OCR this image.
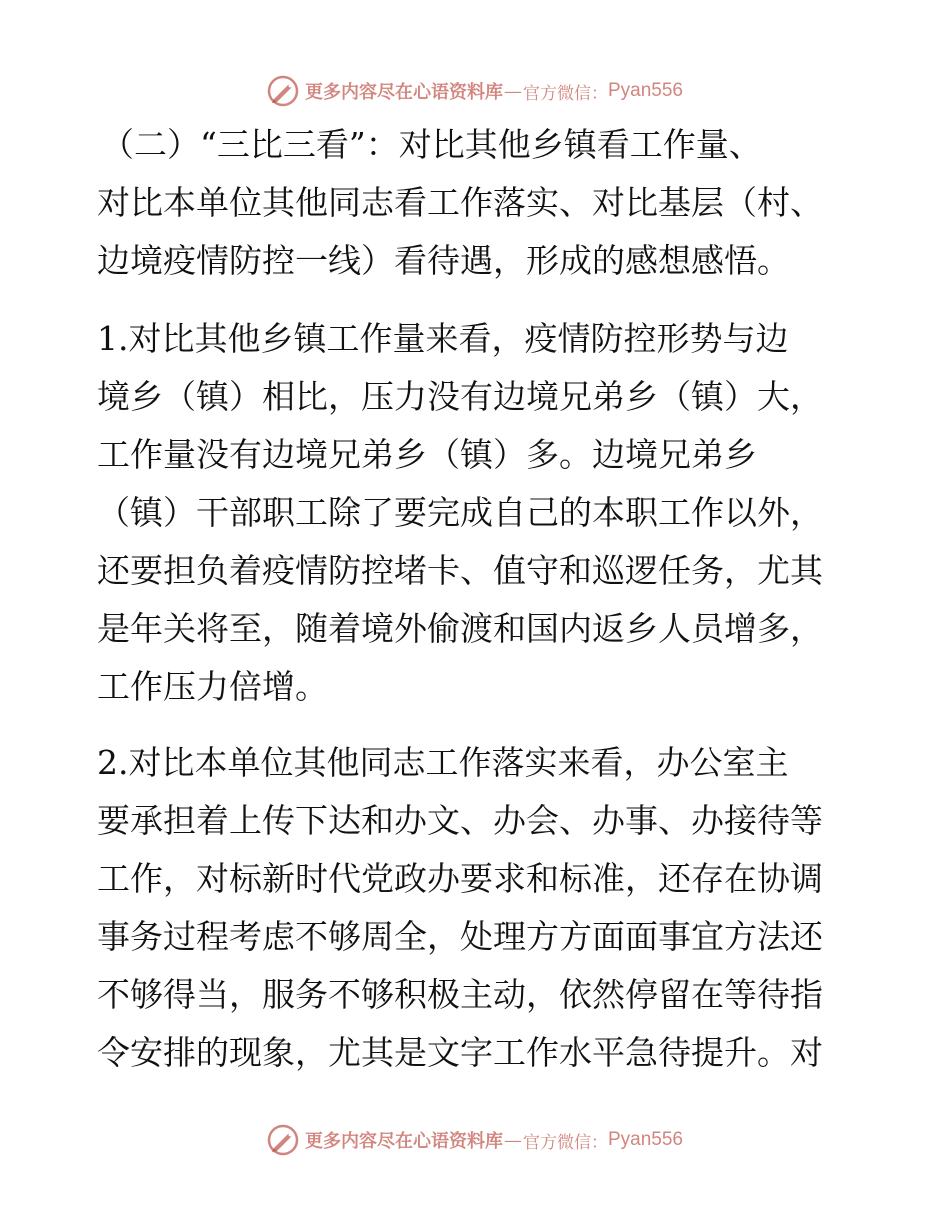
更多内容尽在心语资料库 — 官方微信： Pyan556
（二）“三比三看”：对比其他乡镇看工作量、
对比本单位其他同志看工作落实、对比基层（村、
边境疫情防控一线）看待遇，形成的感想感悟。
1.对比其他乡镇工作量来看，疫情防控形势与边
境乡（镇）相比，压力没有边境兄弟乡（镇）大，
工作量没有边境兄弟乡（镇）多。边境兄弟乡
（镇）干部职工除了要完成自己的本职工作以外，
还要担负着疫情防控堵卡、值守和巡逻任务，尤其
是年关将至，随着境外偷渡和国内返乡人员增多，
工作压力倍增。
2.对比本单位其他同志工作落实来看，办公室主
要承担着上传下达和办文、办会、办事、办接待等
工作，对标新时代党政办要求和标准，还存在协调
事务过程考虑不够周全，处理方方面面事宜方法还
不够得当，服务不够积极主动，依然停留在等待指
令安排的现象，尤其是文字工作水平急待提升。对
更多内容尽在心语资料库 — 官方微信： Pyan556
